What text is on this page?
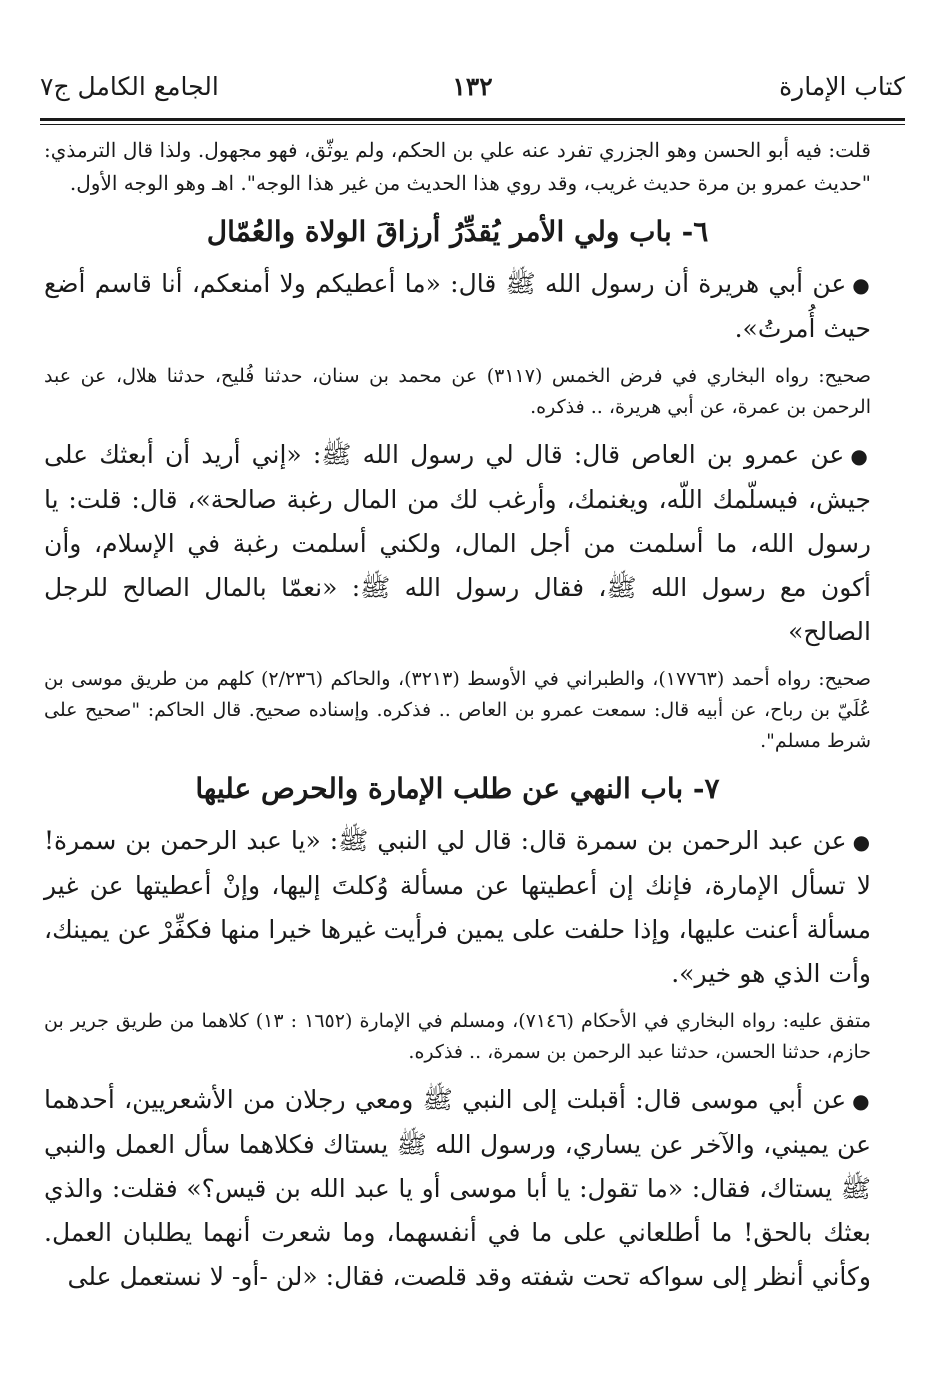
كتاب الإمارة
١٣٢
الجامع الكامل ج٧

قلت: فيه أبو الحسن وهو الجزري تفرد عنه علي بن الحكم، ولم يوثّق، فهو مجهول. ولذا قال الترمذي: "حديث عمرو بن مرة حديث غريب، وقد روي هذا الحديث من غير هذا الوجه". اهـ وهو الوجه الأول.

٦- باب ولي الأمر يُقدِّرُ أرزاقَ الولاة والعُمّال

●عن أبي هريرة أن رسول الله ﷺ قال: «ما أعطيكم ولا أمنعكم، أنا قاسم أضع حيث أُمرتُ».

صحيح: رواه البخاري في فرض الخمس (٣١١٧) عن محمد بن سنان، حدثنا فُليح، حدثنا هلال، عن عبد الرحمن بن عمرة، عن أبي هريرة، .. فذكره.

●عن عمرو بن العاص قال: قال لي رسول الله ﷺ: «إني أريد أن أبعثك على جيش، فيسلّمك اللّه، ويغنمك، وأرغب لك من المال رغبة صالحة»، قال: قلت: يا رسول الله، ما أسلمت من أجل المال، ولكني أسلمت رغبة في الإسلام، وأن أكون مع رسول الله ﷺ، فقال رسول الله ﷺ: «نعمّا بالمال الصالح للرجل الصالح»

صحيح: رواه أحمد (١٧٧٦٣)، والطبراني في الأوسط (٣٢١٣)، والحاكم (٢/٢٣٦) كلهم من طريق موسى بن عُلَيّ بن رباح، عن أبيه قال: سمعت عمرو بن العاص .. فذكره. وإسناده صحيح. قال الحاكم: "صحيح على شرط مسلم".

٧- باب النهي عن طلب الإمارة والحرص عليها

●عن عبد الرحمن بن سمرة قال: قال لي النبي ﷺ: «يا عبد الرحمن بن سمرة! لا تسأل الإمارة، فإنك إن أعطيتها عن مسألة وُكلتَ إليها، وإنْ أعطيتها عن غير مسألة أعنت عليها، وإذا حلفت على يمين فرأيت غيرها خيرا منها فكفِّرْ عن يمينك، وأت الذي هو خير».

متفق عليه: رواه البخاري في الأحكام (٧١٤٦)، ومسلم في الإمارة (١٦٥٢ : ١٣) كلاهما من طريق جرير بن حازم، حدثنا الحسن، حدثنا عبد الرحمن بن سمرة، .. فذكره.

●عن أبي موسى قال: أقبلت إلى النبي ﷺ ومعي رجلان من الأشعريين، أحدهما عن يميني، والآخر عن يساري، ورسول الله ﷺ يستاك فكلاهما سأل العمل والنبي ﷺ يستاك، فقال: «ما تقول: يا أبا موسى أو يا عبد الله بن قيس؟» فقلت: والذي بعثك بالحق! ما أطلعاني على ما في أنفسهما، وما شعرت أنهما يطلبان العمل. وكأني أنظر إلى سواكه تحت شفته وقد قلصت، فقال: «لن -أو- لا نستعمل على
